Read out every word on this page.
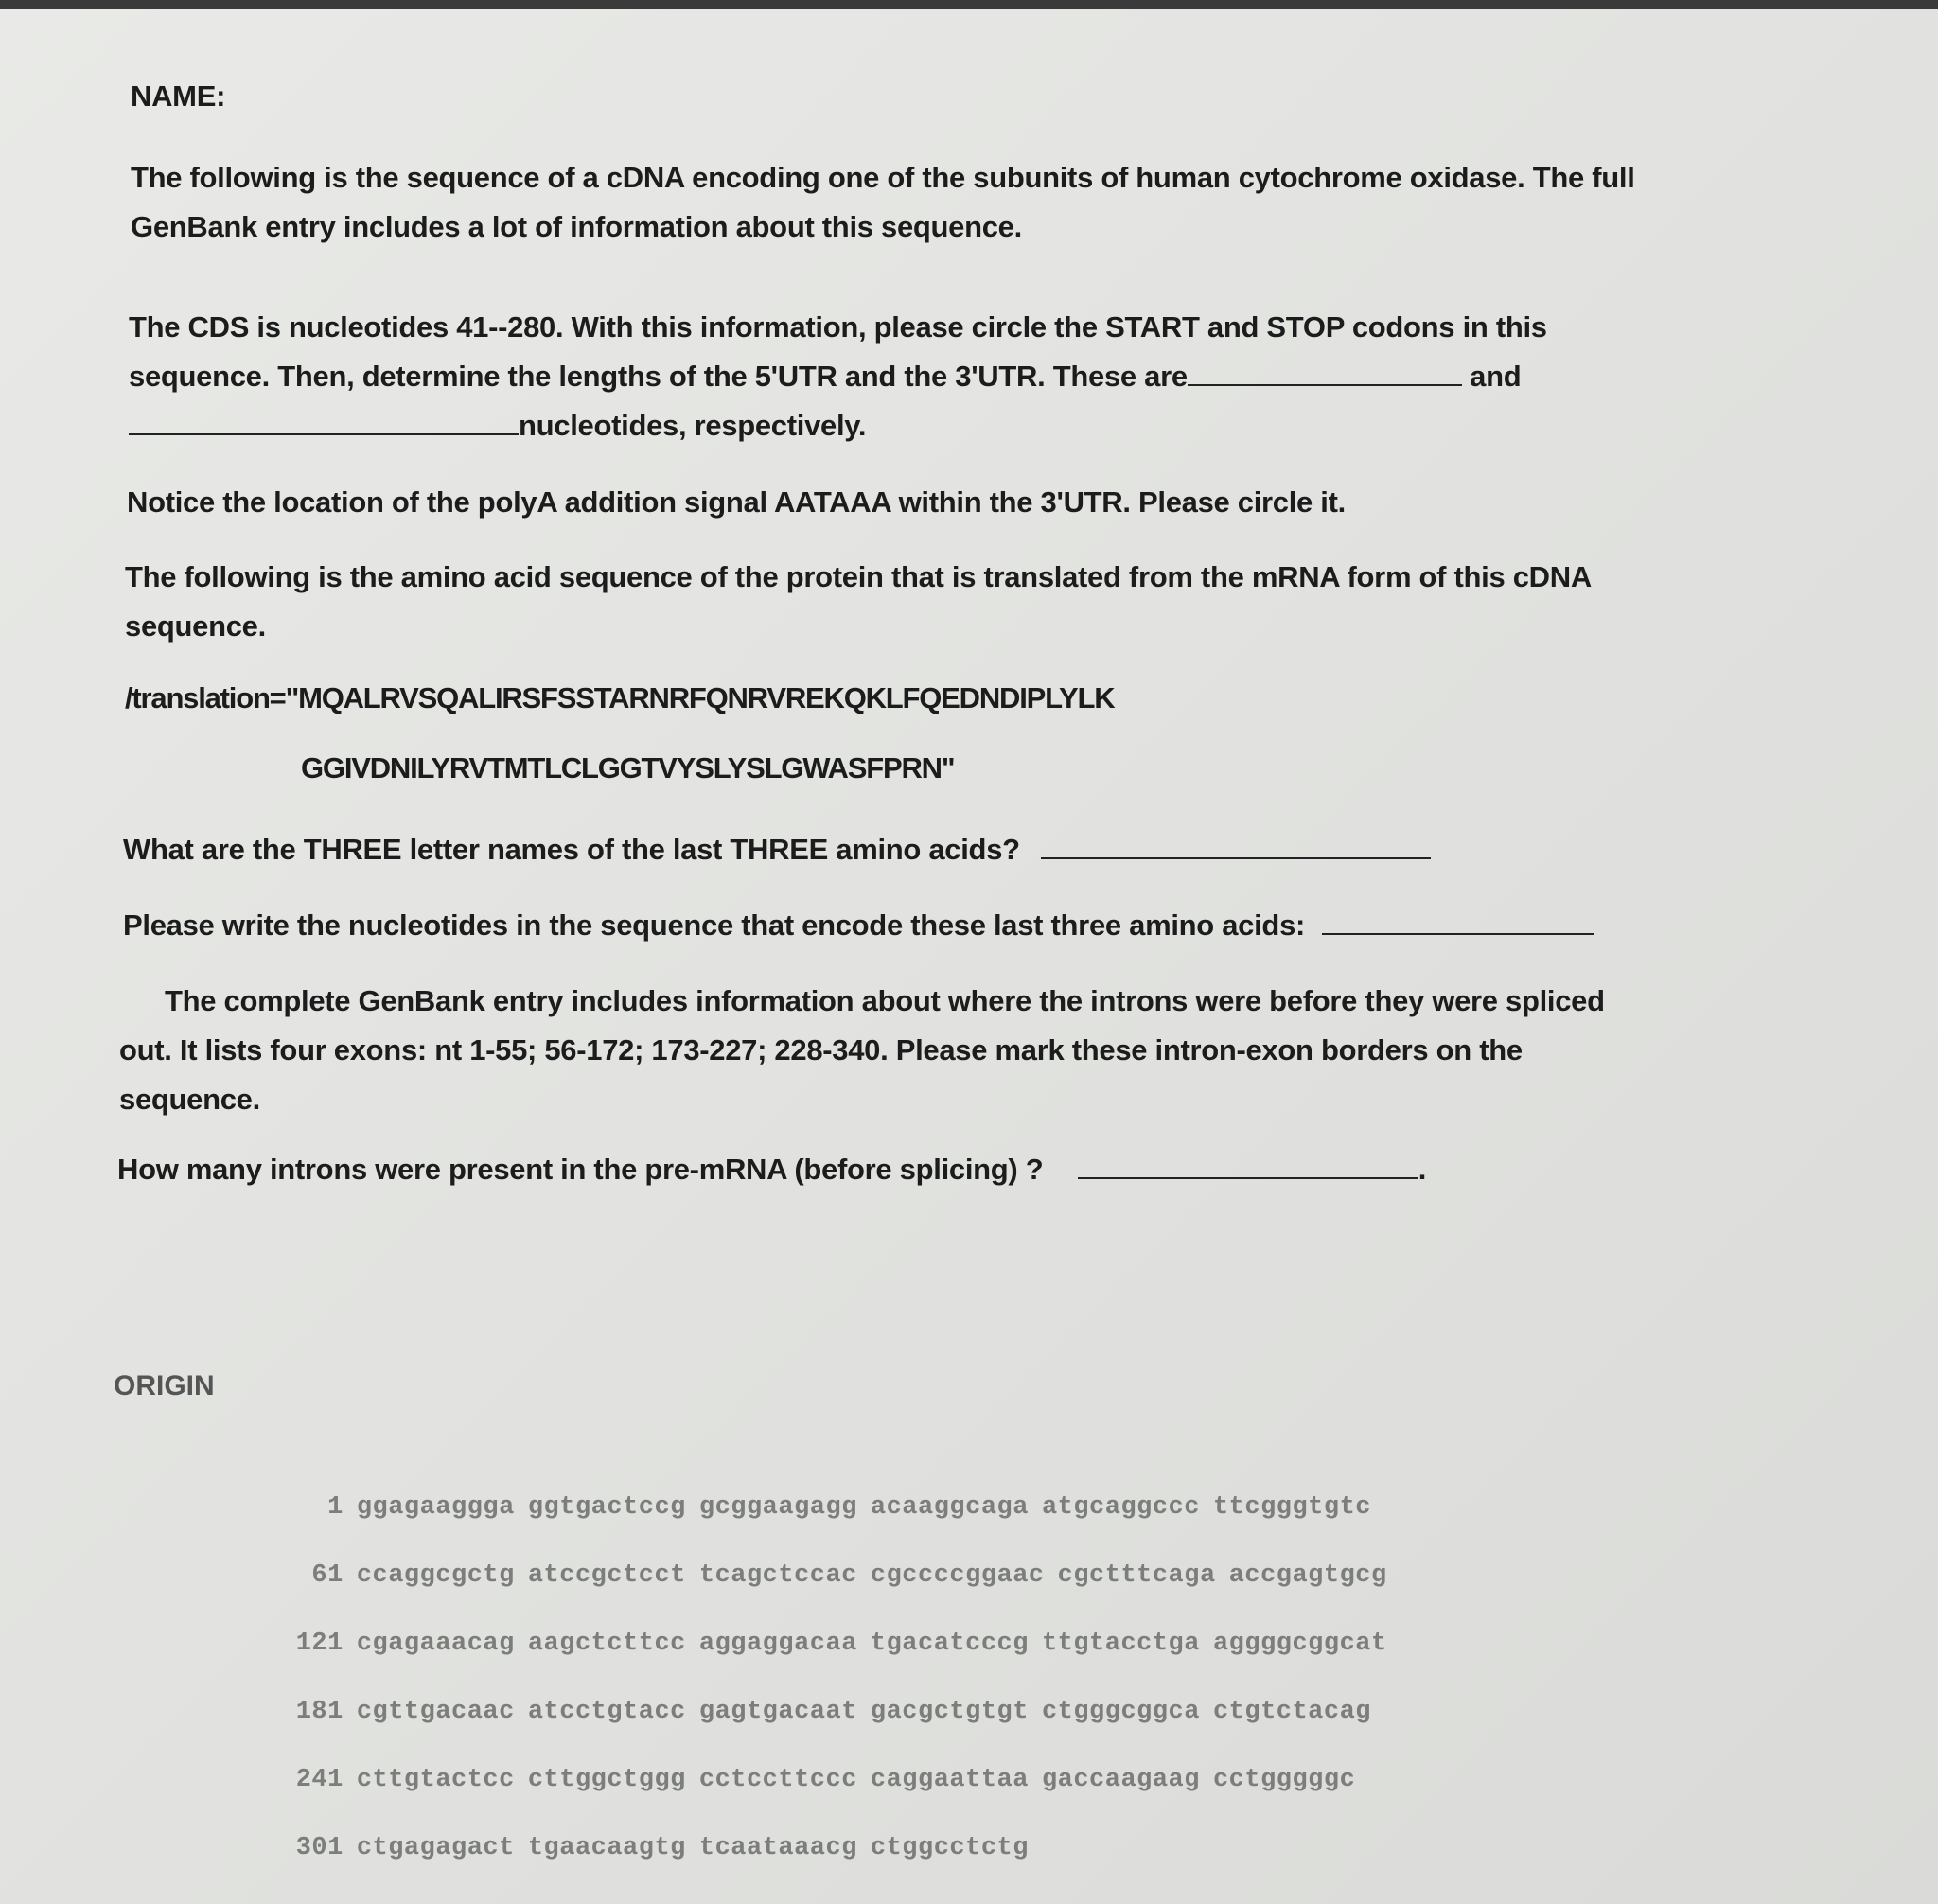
NAME:
The following is the sequence of a cDNA encoding one of the subunits of human cytochrome oxidase. The full
GenBank entry includes a lot of information about this sequence.
The CDS is nucleotides 41--280. With this information, please circle the START and STOP codons in this
sequence. Then, determine the lengths of the 5'UTR and the 3'UTR. These are	and
nucleotides, respectively.
Notice the location of the polyA addition signal AATAAA within the 3'UTR. Please circle it.
The following is the amino acid sequence of the protein that is translated from the mRNA form of this cDNA
sequence.
/translation="MQALRVSQALIRSFSSTARNRFQNRVREKQKLFQEDNDIPLYLK
GGIVDNILYRVTMTLCLGGTVYSLYSLGWASFPRN"
What are the THREE letter names of the last THREE amino acids?
Please write the nucleotides in the sequence that encode these last three amino acids:
The complete GenBank entry includes information about where the introns were before they were spliced
out. It lists four exons: nt 1-55; 56-172; 173-227; 228-340. Please mark these intron-exon borders on the
sequence.
How many introns were present in the pre-mRNA (before splicing) ?	.
ORIGIN

1 ggagaaggga ggtgactccg gcggaagagg acaaggcaga atgcaggccc ttcgggtgtc

61 ccaggcgctg atccgctcct tcagctccac cgccccggaac cgctttcaga accgagtgcg

121 cgagaaacag aagctcttcc aggaggacaa tgacatcccg ttgtacctga aggggcggcat

181 cgttgacaac atcctgtacc gagtgacaat gacgctgtgt ctgggcggca ctgtctacag

241 cttgtactcc cttggctggg cctccttccc caggaattaa gaccaagaag cctgggggc

301 ctgagagact tgaacaagtg tcaataaacg ctggcctctg
